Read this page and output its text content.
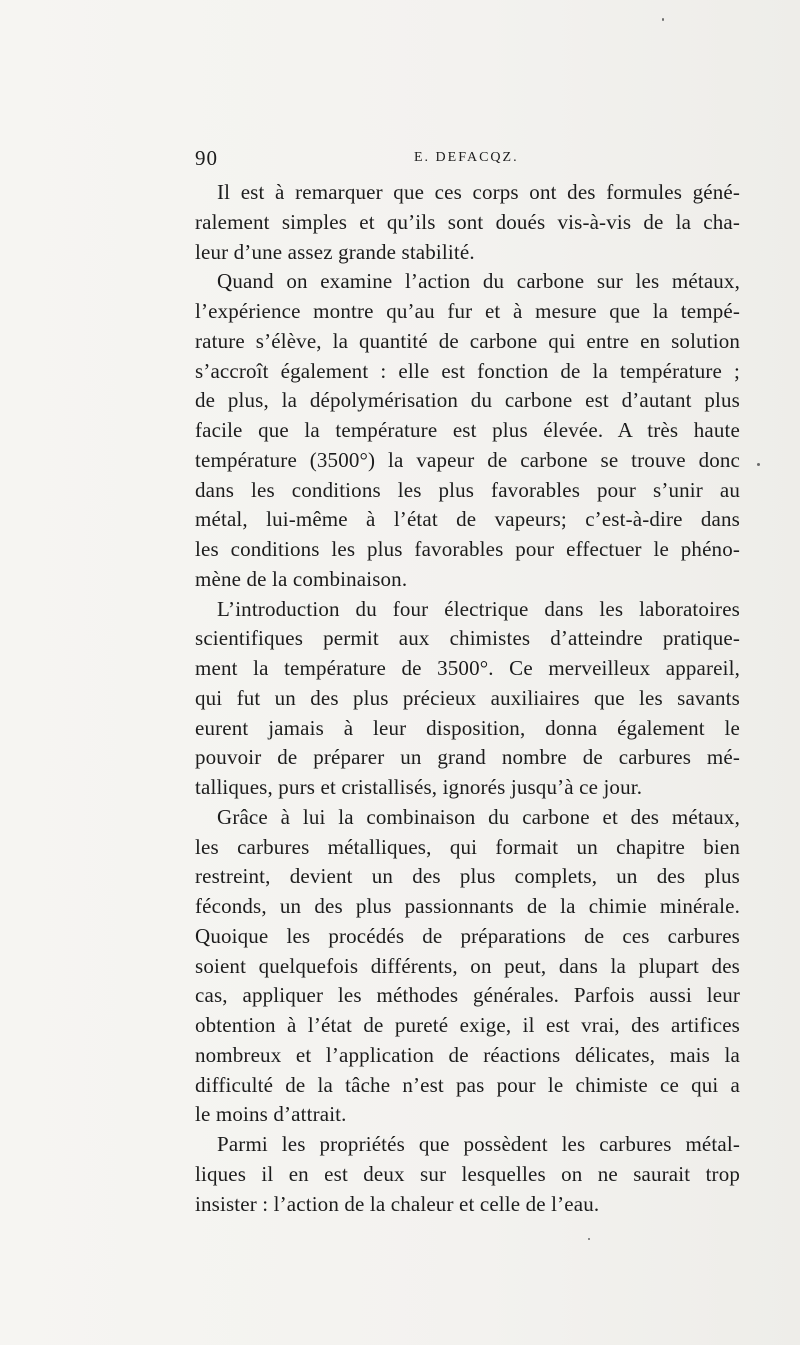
90	E. DEFACQZ.
Il est à remarquer que ces corps ont des formules géné-
ralement simples et qu’ils sont doués vis-à-vis de la cha-
leur d’une assez grande stabilité.
Quand on examine l’action du carbone sur les métaux,
l’expérience montre qu’au fur et à mesure que la tempé-
rature s’élève, la quantité de carbone qui entre en solution
s’accroît également : elle est fonction de la température ;
de plus, la dépolymérisation du carbone est d’autant plus
facile que la température est plus élevée. A très haute
température (3500°) la vapeur de carbone se trouve donc
dans les conditions les plus favorables pour s’unir au
métal, lui-même à l’état de vapeurs; c’est-à-dire dans
les conditions les plus favorables pour effectuer le phéno-
mène de la combinaison.
L’introduction du four électrique dans les laboratoires
scientifiques permit aux chimistes d’atteindre pratique-
ment la température de 3500°. Ce merveilleux appareil,
qui fut un des plus précieux auxiliaires que les savants
eurent jamais à leur disposition, donna également le
pouvoir de préparer un grand nombre de carbures mé-
talliques, purs et cristallisés, ignorés jusqu’à ce jour.
Grâce à lui la combinaison du carbone et des métaux,
les carbures métalliques, qui formait un chapitre bien
restreint, devient un des plus complets, un des plus
féconds, un des plus passionnants de la chimie minérale.
Quoique les procédés de préparations de ces carbures
soient quelquefois différents, on peut, dans la plupart des
cas, appliquer les méthodes générales. Parfois aussi leur
obtention à l’état de pureté exige, il est vrai, des artifices
nombreux et l’application de réactions délicates, mais la
difficulté de la tâche n’est pas pour le chimiste ce qui a
le moins d’attrait.
Parmi les propriétés que possèdent les carbures métal-
liques il en est deux sur lesquelles on ne saurait trop
insister : l’action de la chaleur et celle de l’eau.
